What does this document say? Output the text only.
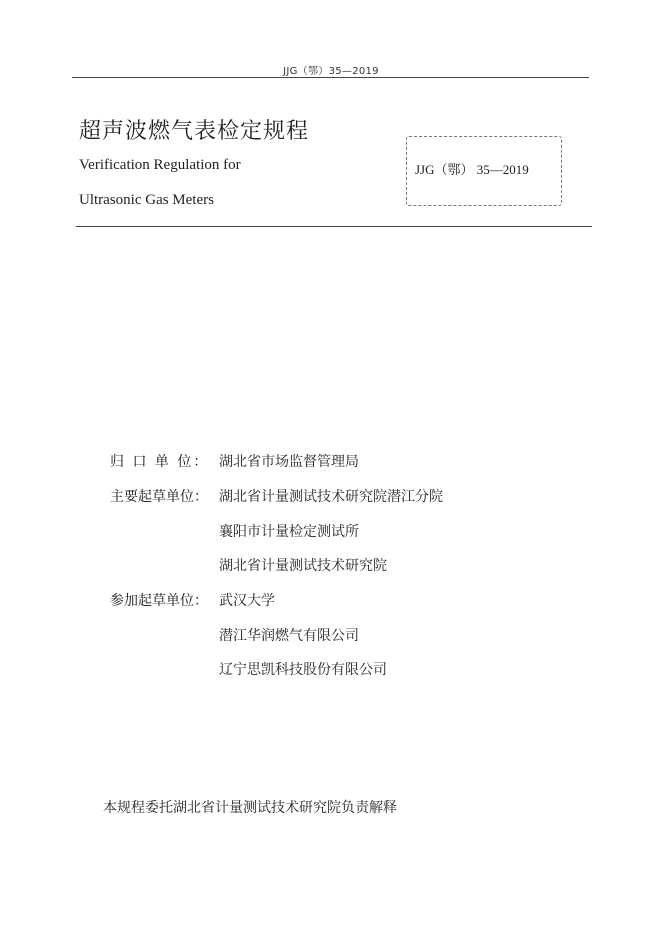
JJG（鄂）35—2019
超声波燃气表检定规程
Verification Regulation for
Ultrasonic Gas Meters
JJG（鄂） 35—2019
归 口 单 位： 湖北省市场监督管理局
主要起草单位： 湖北省计量测试技术研究院潜江分院
襄阳市计量检定测试所
湖北省计量测试技术研究院
参加起草单位： 武汉大学
潜江华润燃气有限公司
辽宁思凯科技股份有限公司
本规程委托湖北省计量测试技术研究院负责解释
